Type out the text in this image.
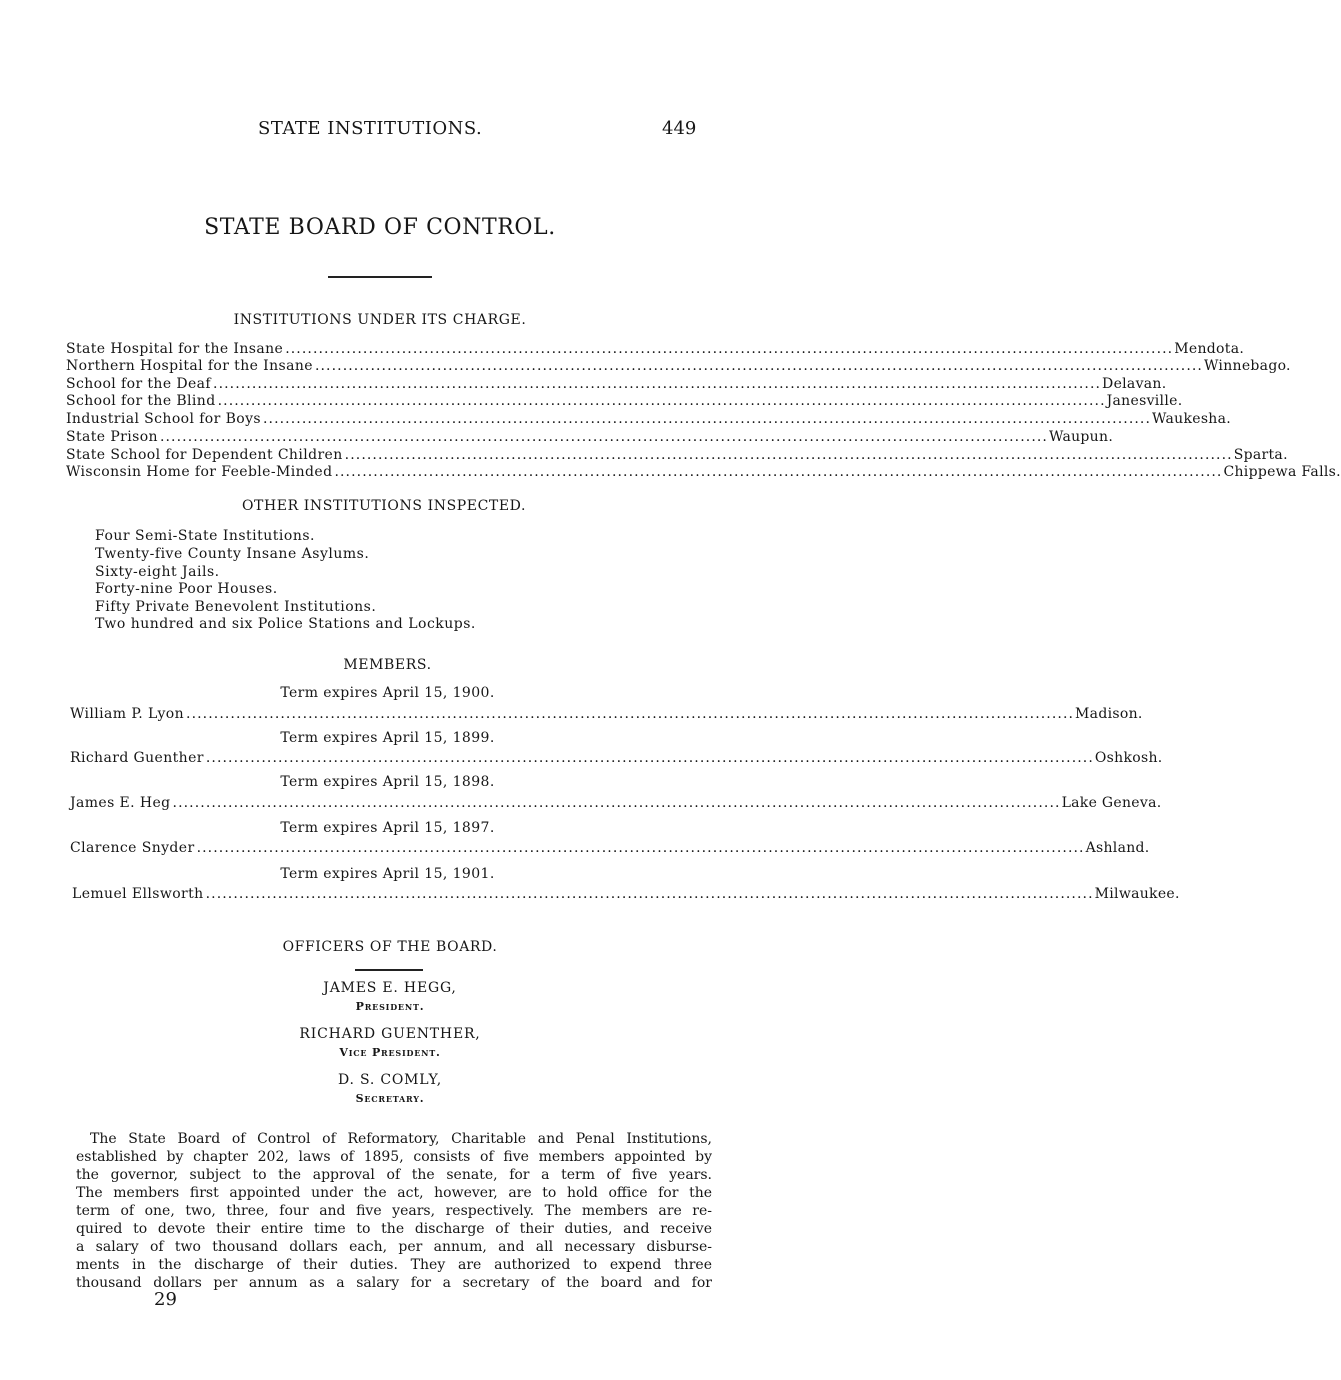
STATE INSTITUTIONS.	449
STATE BOARD OF CONTROL.
INSTITUTIONS UNDER ITS CHARGE.
State Hospital for the Insane ................................................................................................................................................................ Mendota.
Northern Hospital for the Insane ................................................................................................................................................................ Winnebago.
School for the Deaf ................................................................................................................................................................ Delavan.
School for the Blind ................................................................................................................................................................ Janesville.
Industrial School for Boys ................................................................................................................................................................ Waukesha.
State Prison ................................................................................................................................................................ Waupun.
State School for Dependent Children ................................................................................................................................................................ Sparta.
Wisconsin Home for Feeble-Minded ................................................................................................................................................................ Chippewa Falls.
OTHER INSTITUTIONS INSPECTED.
Four Semi-State Institutions.
Twenty-five County Insane Asylums.
Sixty-eight Jails.
Forty-nine Poor Houses.
Fifty Private Benevolent Institutions.
Two hundred and six Police Stations and Lockups.
MEMBERS.
Term expires April 15, 1900.
William P. Lyon ................................................................................................................................................................ Madison.
Term expires April 15, 1899.
Richard Guenther ................................................................................................................................................................ Oshkosh.
Term expires April 15, 1898.
James E. Heg ................................................................................................................................................................ Lake Geneva.
Term expires April 15, 1897.
Clarence Snyder ................................................................................................................................................................ Ashland.
Term expires April 15, 1901.
Lemuel Ellsworth ................................................................................................................................................................ Milwaukee.
OFFICERS OF THE BOARD.
JAMES E. HEGG,
President.
RICHARD GUENTHER,
Vice President.
D. S. COMLY,
Secretary.
The State Board of Control of Reformatory, Charitable and Penal Institutions,
established by chapter 202, laws of 1895, consists of five members appointed by
the governor, subject to the approval of the senate, for a term of five years.
The members first appointed under the act, however, are to hold office for the
term of one, two, three, four and five years, respectively. The members are re-
quired to devote their entire time to the discharge of their duties, and receive
a salary of two thousand dollars each, per annum, and all necessary disburse-
ments in the discharge of their duties. They are authorized to expend three
thousand dollars per annum as a salary for a secretary of the board and for
29
